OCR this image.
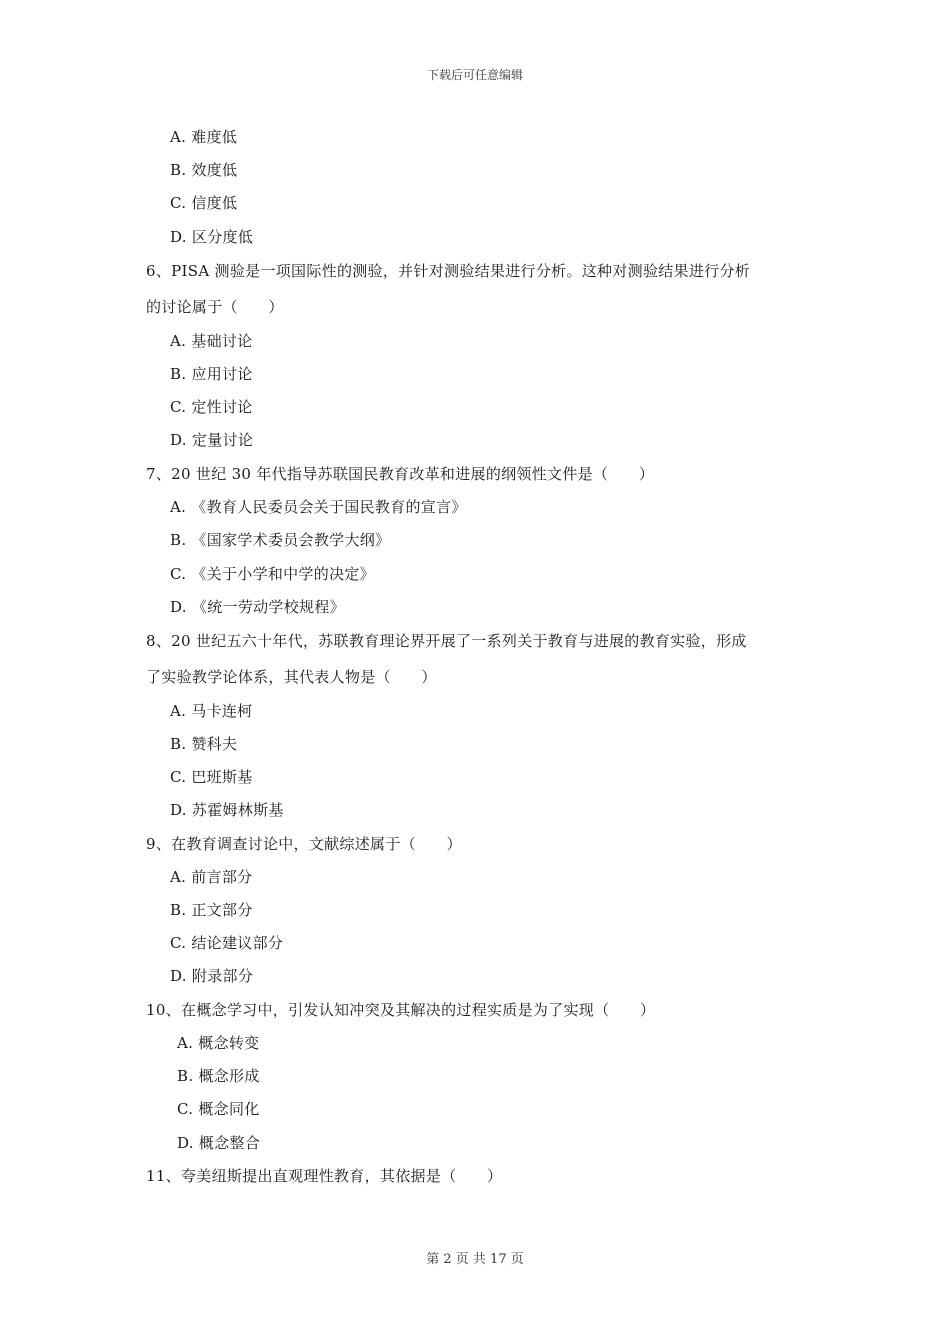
下载后可任意编辑
A. 难度低
B. 效度低
C. 信度低
D. 区分度低
6、PISA 测验是一项国际性的测验，并针对测验结果进行分析。这种对测验结果进行分析
的讨论属于（　　）
A. 基础讨论
B. 应用讨论
C. 定性讨论
D. 定量讨论
7、20 世纪 30 年代指导苏联国民教育改革和进展的纲领性文件是（　　）
A. 《教育人民委员会关于国民教育的宣言》
B. 《国家学术委员会教学大纲》
C. 《关于小学和中学的决定》
D. 《统一劳动学校规程》
8、20 世纪五六十年代，苏联教育理论界开展了一系列关于教育与进展的教育实验，形成
了实验教学论体系，其代表人物是（　　）
A. 马卡连柯
B. 赞科夫
C. 巴班斯基
D. 苏霍姆林斯基
9、在教育调查讨论中，文献综述属于（　　）
A. 前言部分
B. 正文部分
C. 结论建议部分
D. 附录部分
10、在概念学习中，引发认知冲突及其解决的过程实质是为了实现（　　）
A. 概念转变
B. 概念形成
C. 概念同化
D. 概念整合
11、夸美纽斯提出直观理性教育，其依据是（　　）
第 2 页 共 17 页
